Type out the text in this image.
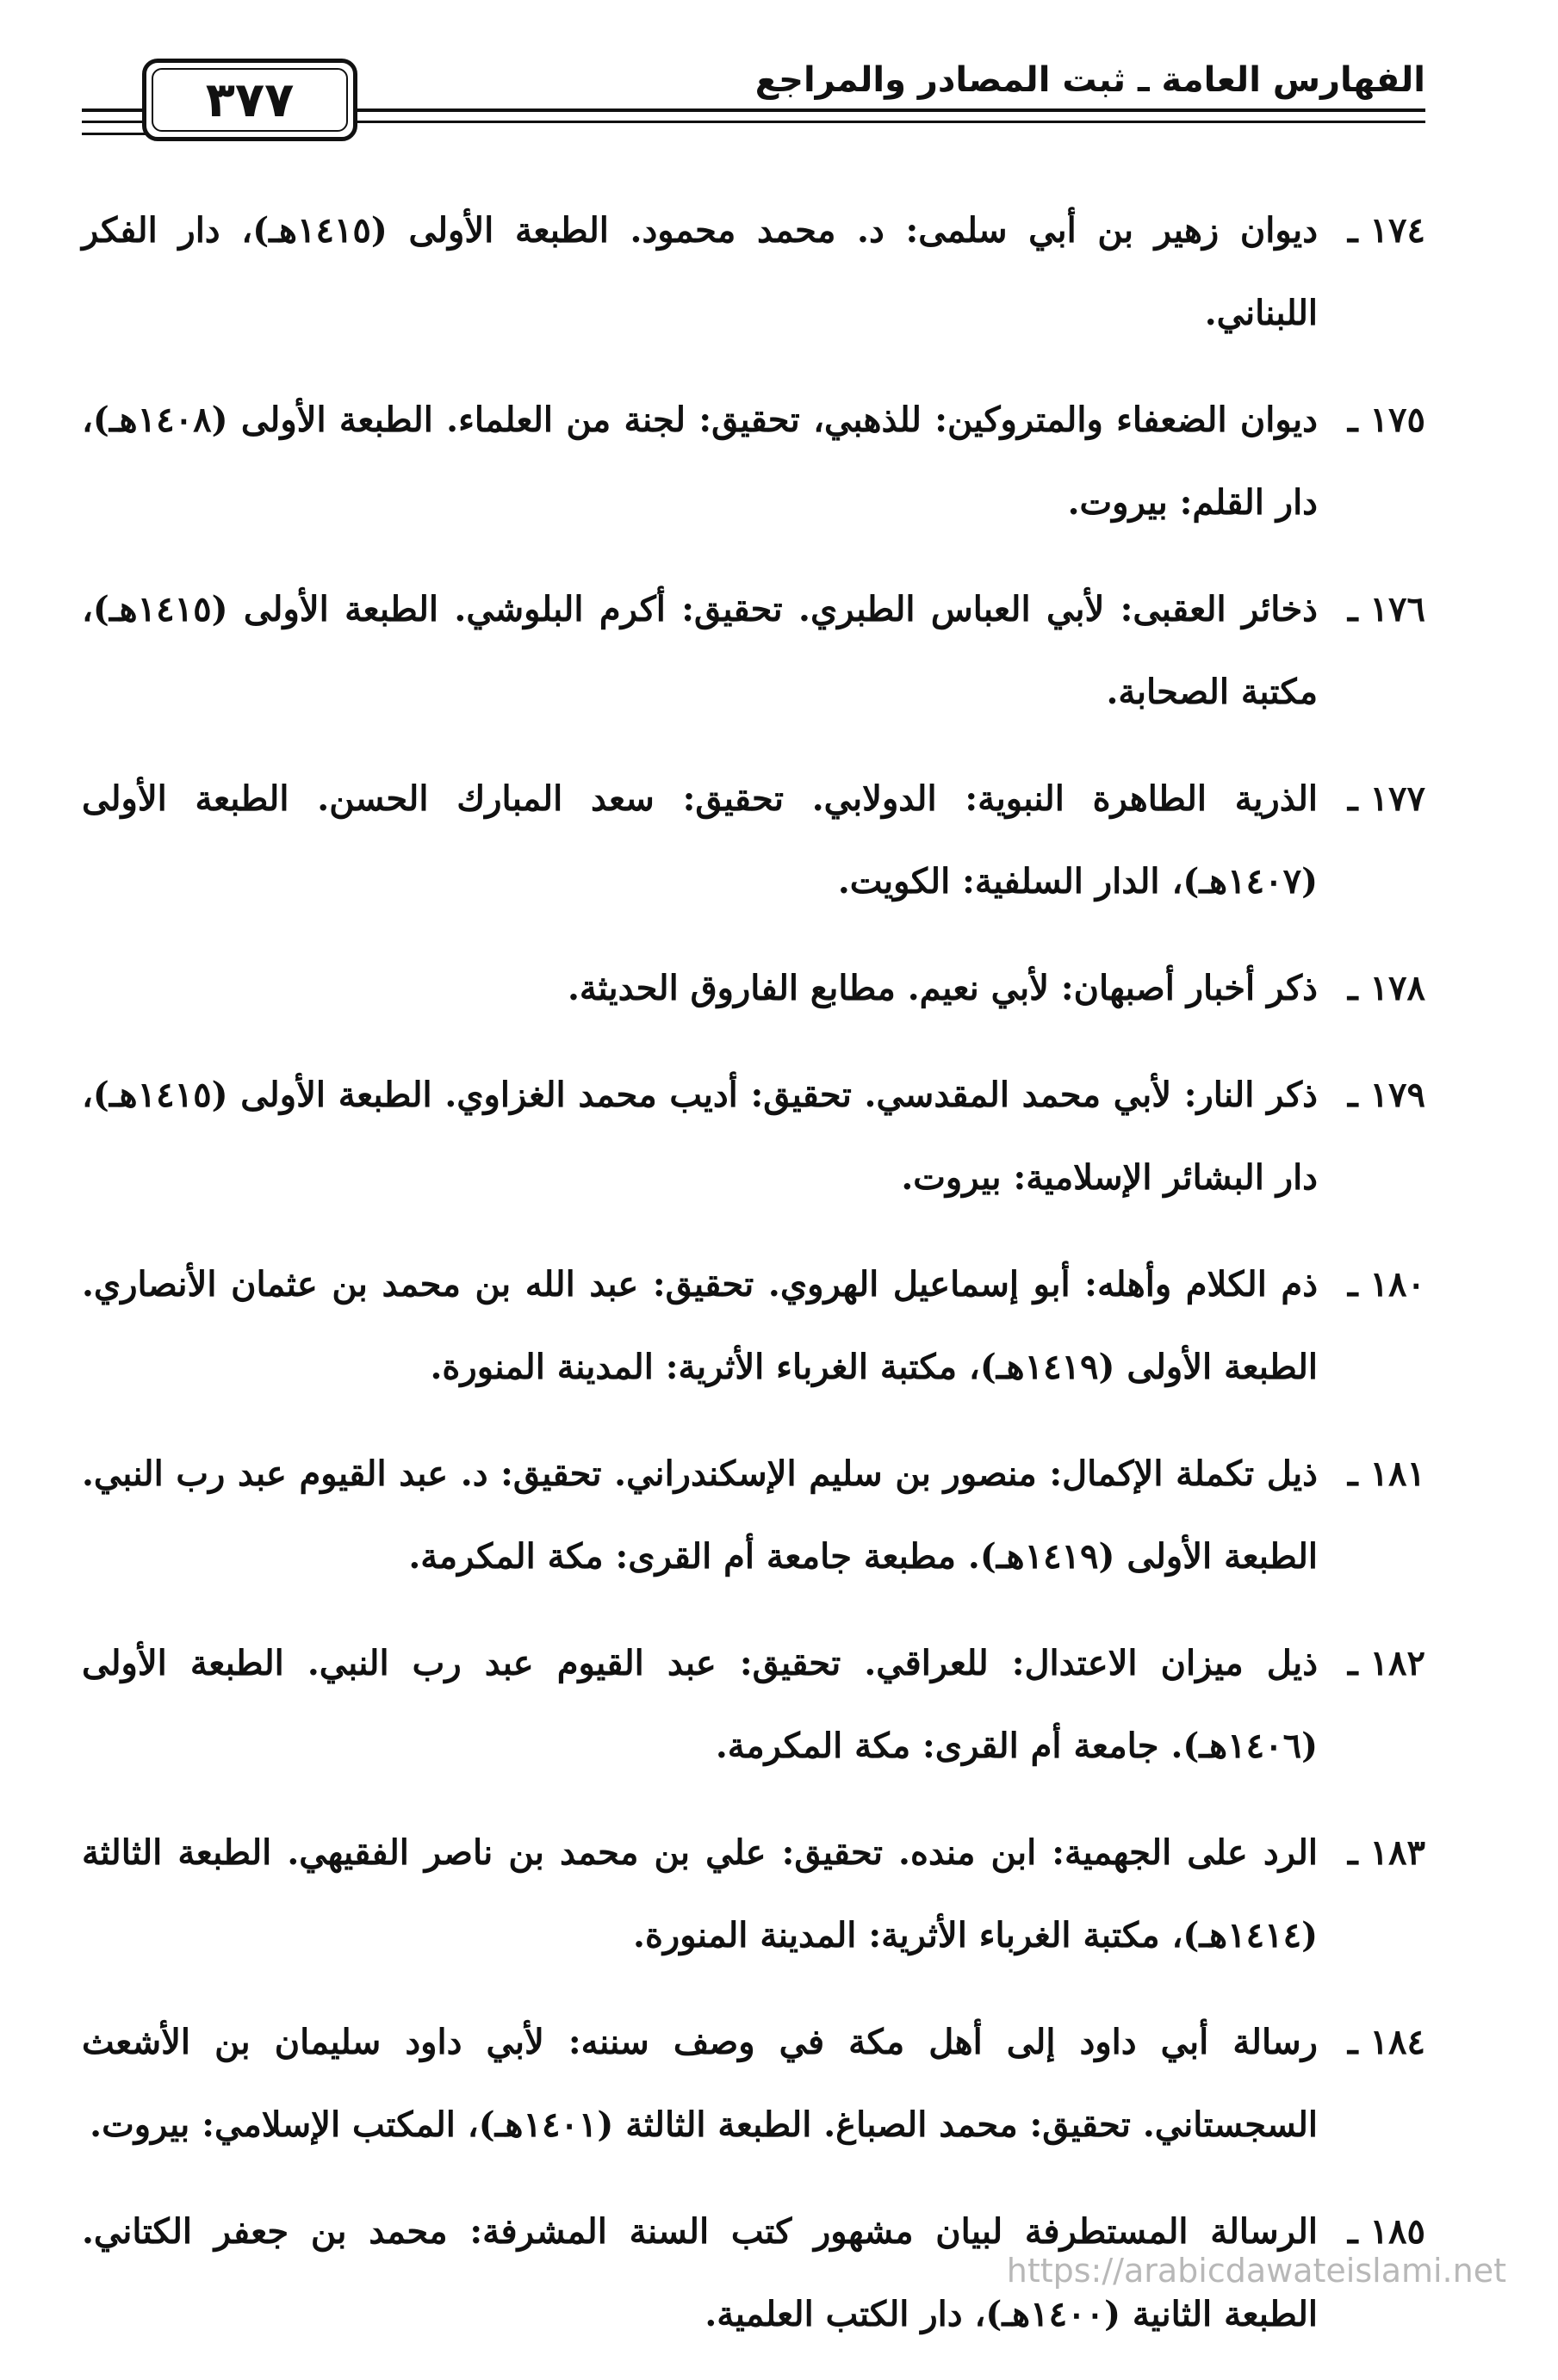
الفهارس العامة ـ ثبت المصادر والمراجع
٣٧٧
١٧٤ ـ
ديوان زهير بن أبي سلمى: د. محمد محمود. الطبعة الأولى (١٤١٥هـ)، دار الفكر اللبناني.
١٧٥ ـ
ديوان الضعفاء والمتروكين: للذهبي، تحقيق: لجنة من العلماء. الطبعة الأولى (١٤٠٨هـ)، دار القلم: بيروت.
١٧٦ ـ
ذخائر العقبى: لأبي العباس الطبري. تحقيق: أكرم البلوشي. الطبعة الأولى (١٤١٥هـ)، مكتبة الصحابة.
١٧٧ ـ
الذرية الطاهرة النبوية: الدولابي. تحقيق: سعد المبارك الحسن. الطبعة الأولى (١٤٠٧هـ)، الدار السلفية: الكويت.
١٧٨ ـ
ذكر أخبار أصبهان: لأبي نعيم. مطابع الفاروق الحديثة.
١٧٩ ـ
ذكر النار: لأبي محمد المقدسي. تحقيق: أديب محمد الغزاوي. الطبعة الأولى (١٤١٥هـ)، دار البشائر الإسلامية: بيروت.
١٨٠ ـ
ذم الكلام وأهله: أبو إسماعيل الهروي. تحقيق: عبد الله بن محمد بن عثمان الأنصاري. الطبعة الأولى (١٤١٩هـ)، مكتبة الغرباء الأثرية: المدينة المنورة.
١٨١ ـ
ذيل تكملة الإكمال: منصور بن سليم الإسكندراني. تحقيق: د. عبد القيوم عبد رب النبي. الطبعة الأولى (١٤١٩هـ). مطبعة جامعة أم القرى: مكة المكرمة.
١٨٢ ـ
ذيل ميزان الاعتدال: للعراقي. تحقيق: عبد القيوم عبد رب النبي. الطبعة الأولى (١٤٠٦هـ). جامعة أم القرى: مكة المكرمة.
١٨٣ ـ
الرد على الجهمية: ابن منده. تحقيق: علي بن محمد بن ناصر الفقيهي. الطبعة الثالثة (١٤١٤هـ)، مكتبة الغرباء الأثرية: المدينة المنورة.
١٨٤ ـ
رسالة أبي داود إلى أهل مكة في وصف سننه: لأبي داود سليمان بن الأشعث السجستاني. تحقيق: محمد الصباغ. الطبعة الثالثة (١٤٠١هـ)، المكتب الإسلامي: بيروت.
١٨٥ ـ
الرسالة المستطرفة لبيان مشهور كتب السنة المشرفة: محمد بن جعفر الكتاني. الطبعة الثانية (١٤٠٠هـ)، دار الكتب العلمية.
https://arabicdawateislami.net
